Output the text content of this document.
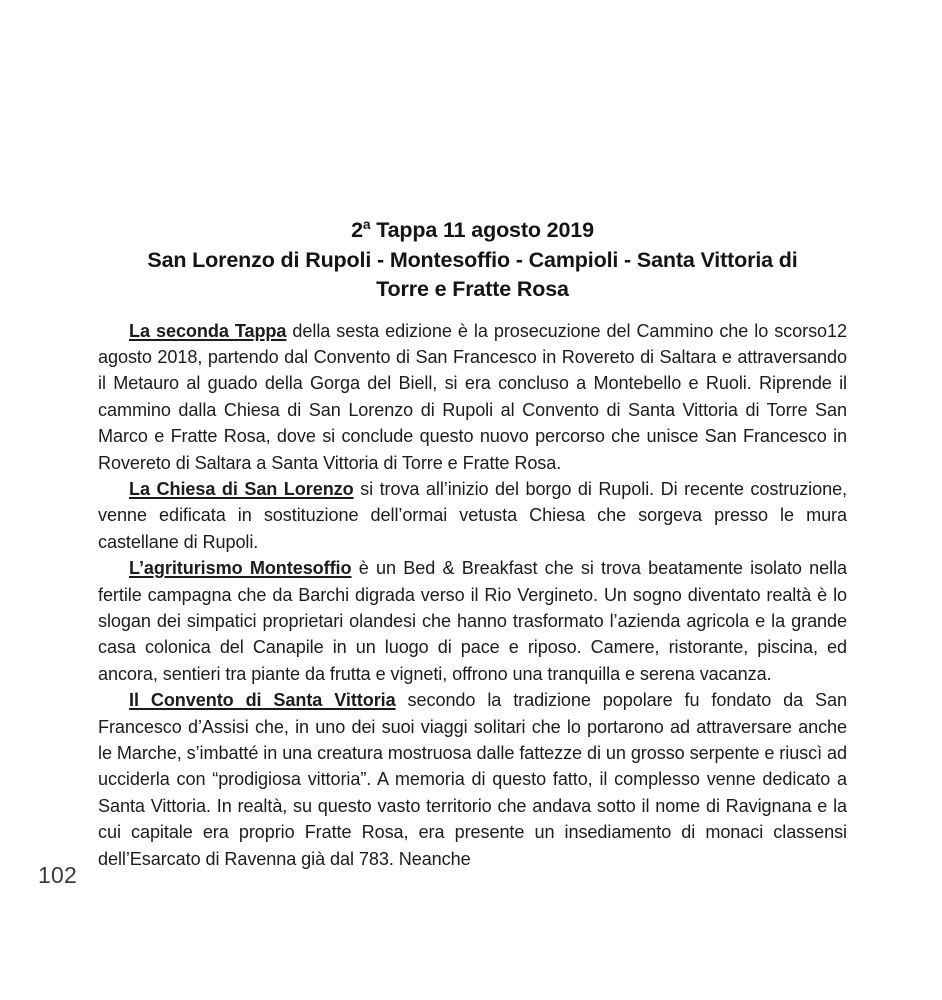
102
2$^a$ Tappa 11 agosto 2019
San Lorenzo di Rupoli - Montesoffio - Campioli - Santa Vittoria di
Torre e Fratte Rosa

La seconda Tappa della sesta edizione è la prosecuzione del Cammino che lo scorso12 agosto 2018, partendo dal Convento di San Francesco in Rovereto di Saltara e attraversando il Metauro al guado della Gorga del Biell, si era concluso a Montebello e Ruoli. Riprende il cammino dalla Chiesa di San Lorenzo di Rupoli al Convento di Santa Vittoria di Torre San Marco e Fratte Rosa, dove si conclude questo nuovo percorso che unisce San Francesco in Rovereto di Saltara a Santa Vittoria di Torre e Fratte Rosa.

La Chiesa di San Lorenzo si trova all’inizio del borgo di Rupoli. Di recente costruzione, venne edificata in sostituzione dell’ormai vetusta Chiesa che sorgeva presso le mura castellane di Rupoli.

L’agriturismo Montesoffio è un Bed & Breakfast che si trova beatamente isolato nella fertile campagna che da Barchi digrada verso il Rio Vergineto. Un sogno diventato realtà è lo slogan dei simpatici proprietari olandesi che hanno trasformato l’azienda agricola e la grande casa colonica del Canapile in un luogo di pace e riposo. Camere, ristorante, piscina, ed ancora, sentieri tra piante da frutta e vigneti, offrono una tranquilla e serena vacanza.

Il Convento di Santa Vittoria secondo la tradizione popolare fu fondato da San Francesco d’Assisi che, in uno dei suoi viaggi solitari che lo portarono ad attraversare anche le Marche, s’imbatté in una creatura mostruosa dalle fattezze di un grosso serpente e riuscì ad ucciderla con “prodigiosa vittoria”. A memoria di questo fatto, il complesso venne dedicato a Santa Vittoria. In realtà, su questo vasto territorio che andava sotto il nome di Ravignana e la cui capitale era proprio Fratte Rosa, era presente un insediamento di monaci classensi dell’Esarcato di Ravenna già dal 783. Neanche
